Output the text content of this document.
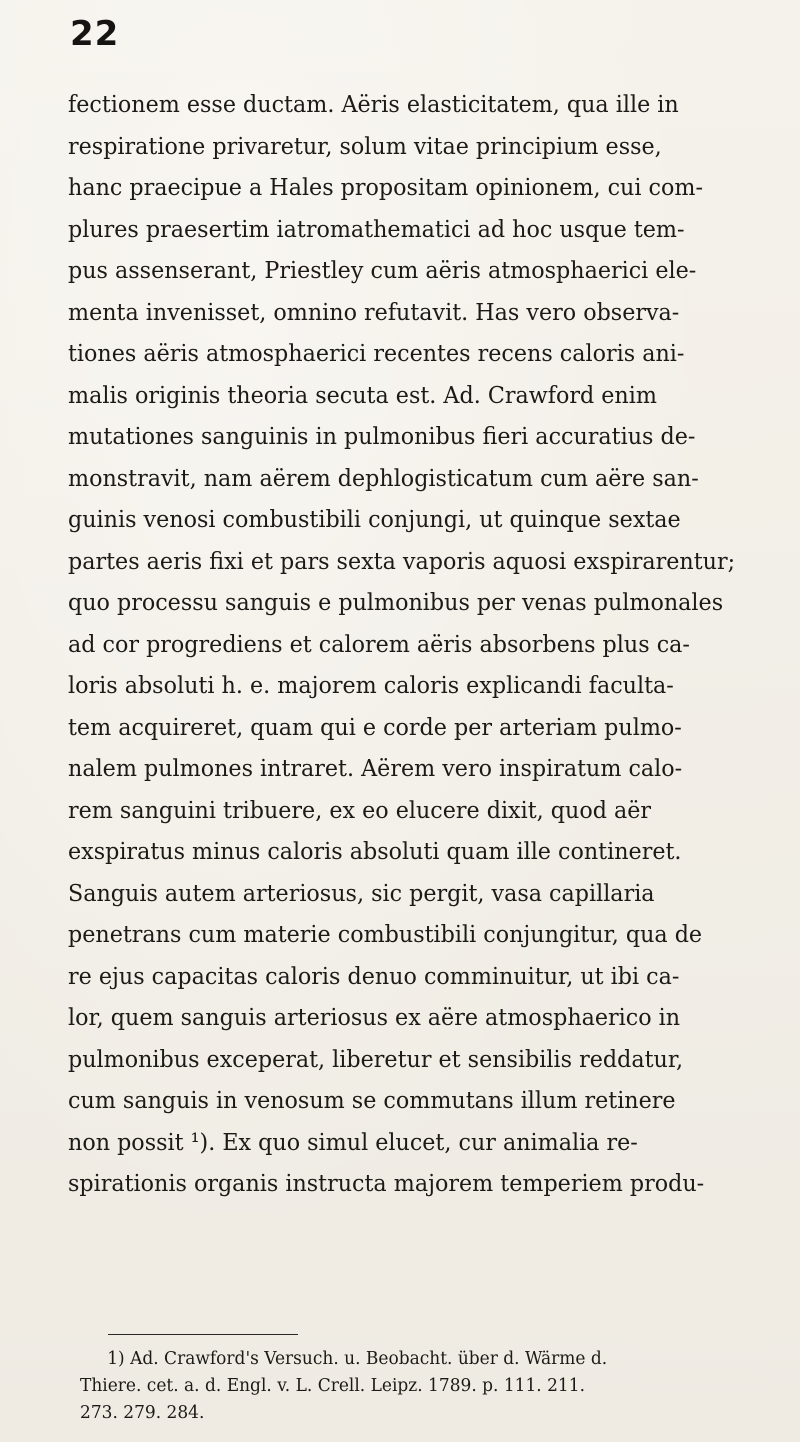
22
fectionem esse ductam. Aëris elasticitatem, qua ille in
respiratione privaretur, solum vitae principium esse,
hanc praecipue a Hales propositam opinionem, cui com-
plures praesertim iatromathematici ad hoc usque tem-
pus assenserant, Priestley cum aëris atmosphaerici ele-
menta invenisset, omnino refutavit. Has vero observa-
tiones aëris atmosphaerici recentes recens caloris ani-
malis originis theoria secuta est. Ad. Crawford enim
mutationes sanguinis in pulmonibus fieri accuratius de-
monstravit, nam aërem dephlogisticatum cum aëre san-
guinis venosi combustibili conjungi, ut quinque sextae
partes aeris fixi et pars sexta vaporis aquosi exspirarentur;
quo processu sanguis e pulmonibus per venas pulmonales
ad cor progrediens et calorem aëris absorbens plus ca-
loris absoluti h. e. majorem caloris explicandi faculta-
tem acquireret, quam qui e corde per arteriam pulmo-
nalem pulmones intraret. Aërem vero inspiratum calo-
rem sanguini tribuere, ex eo elucere dixit, quod aër
exspiratus minus caloris absoluti quam ille contineret.
Sanguis autem arteriosus, sic pergit, vasa capillaria
penetrans cum materie combustibili conjungitur, qua de
re ejus capacitas caloris denuo comminuitur, ut ibi ca-
lor, quem sanguis arteriosus ex aëre atmosphaerico in
pulmonibus exceperat, liberetur et sensibilis reddatur,
cum sanguis in venosum se commutans illum retinere
non possit ¹). Ex quo simul elucet, cur animalia re-
spirationis organis instructa majorem temperiem produ-
1) Ad. Crawford's Versuch. u. Beobacht. über d. Wärme d.
Thiere. cet. a. d. Engl. v. L. Crell. Leipz. 1789. p. 111. 211.
273. 279. 284.
